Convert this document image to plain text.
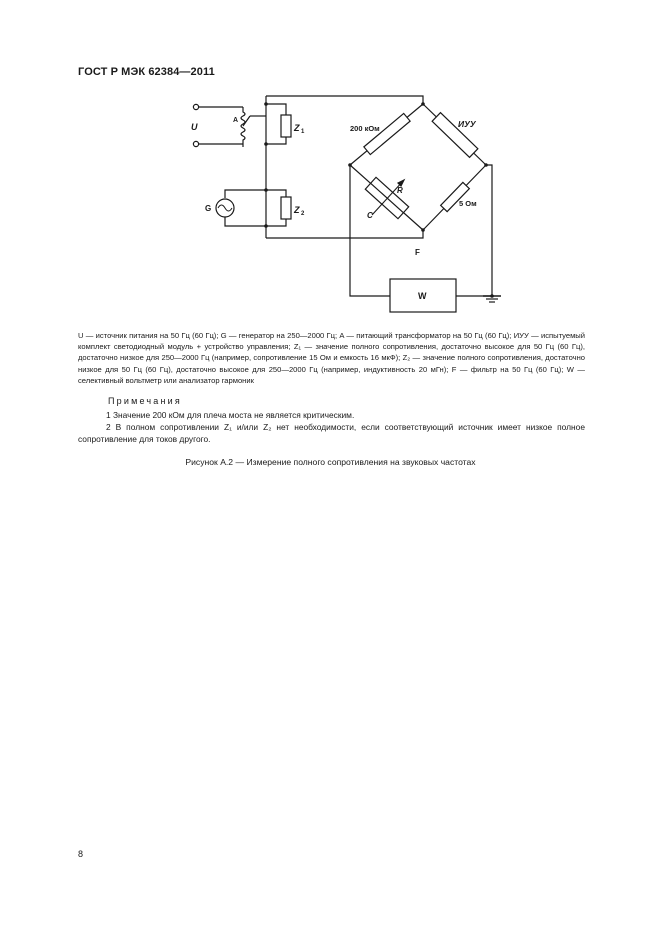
ГОСТ Р МЭК 62384—2011
U
A
Z 1
G	Z 2
200 кОм	ИУУ
R
C
5 Ом
F
W

U — источник питания на 50 Гц (60 Гц); G — генератор на 250—2000 Гц; A — питающий трансформатор на 50 Гц (60 Гц); ИУУ — испытуемый комплект светодиодный модуль + устройство управления; Z₁ — значение полного сопротивления, достаточно высокое для 50 Гц (60 Гц), достаточно низкое для 250—2000 Гц (например, сопротивление 15 Ом и емкость 16 мкФ); Z₂ — значение полного сопротивления, достаточно низкое для 50 Гц (60 Гц), достаточно высокое для 250—2000 Гц (например, индуктивность 20 мГн); F — фильтр на 50 Гц (60 Гц); W — селективный вольтметр или анализатор гармоник

Примечания
1 Значение 200 кОм для плеча моста не является критическим.
2 В полном сопротивлении Z₁ и/или Z₂ нет необходимости, если соответствующий источник имеет низкое полное сопротивление для токов другого.
Рисунок А.2 — Измерение полного сопротивления на звуковых частотах
8
